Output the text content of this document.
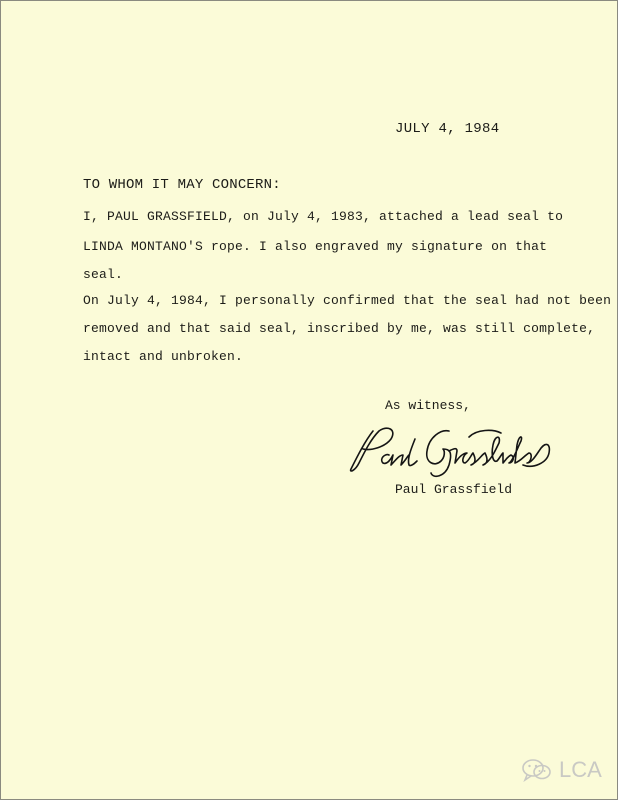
JULY 4, 1984
TO WHOM IT MAY CONCERN:
I, PAUL GRASSFIELD, on July 4, 1983, attached a lead seal to
LINDA MONTANO'S rope. I also engraved my signature on that
seal.
On July 4, 1984, I personally confirmed that the seal had not been
removed and that said seal, inscribed by me, was still complete,
intact and unbroken.
As witness,
Paul Grassfield
LCA
